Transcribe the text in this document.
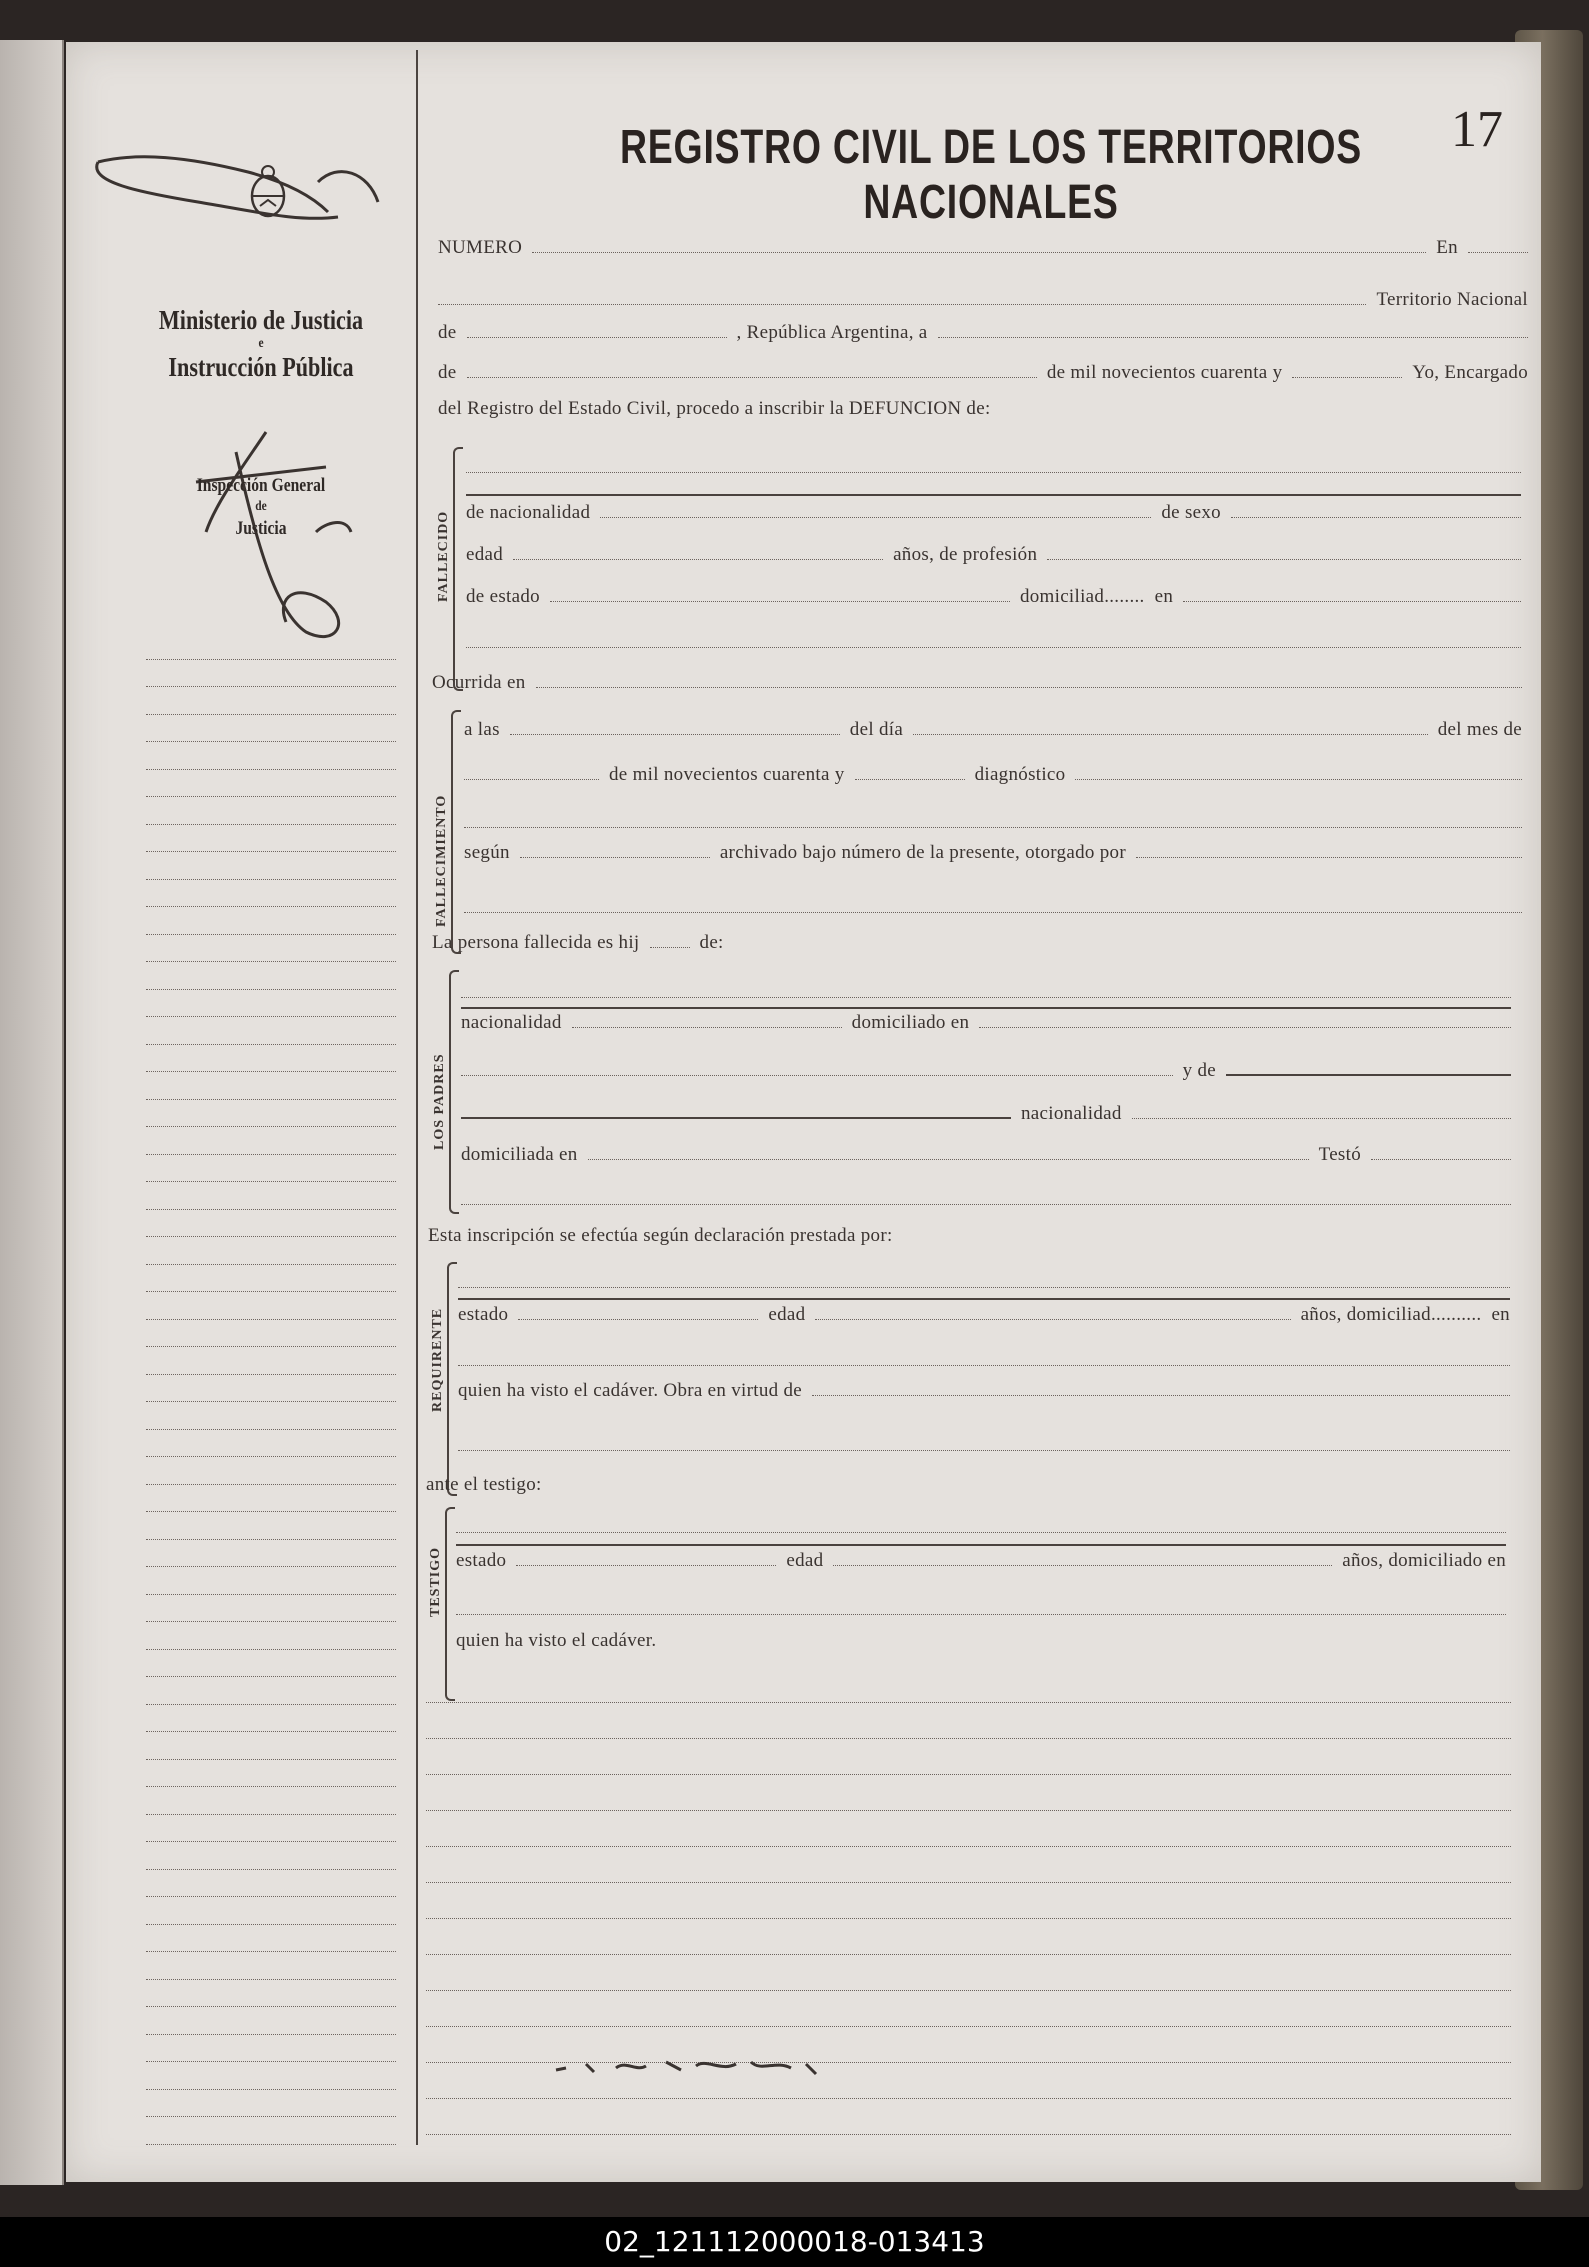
Ministerio de Justicia

e
Instrucción Pública
Inspección General
de
Justicia
REGISTRO CIVIL DE LOS TERRITORIOS NACIONALES
17
NUMERO	En
Territorio Nacional
de	, República Argentina, a
de	de mil novecientos cuarenta y	Yo, Encargado
del Registro del Estado Civil, procedo a inscribir la DEFUNCION de:
FALLECIDO de nacionalidad	de sexo
edad	años, de profesión
de estado	domiciliad........ en
Ocurrida en
FALLECIMIENTO
a las	del día	del mes de
de mil novecientos cuarenta y	diagnóstico
según	archivado bajo número de la presente, otorgado por
La persona fallecida es hij	de:
LOS PADRES
nacionalidad	domiciliado en
y de
nacionalidad
domiciliada en	Testó
Esta inscripción se efectúa según declaración prestada por:
REQUIRENTE estado	edad	años, domiciliad.......... en
quien ha visto el cadáver. Obra en virtud de
ante el testigo:
TESTIGO estado	edad	años, domiciliado en
quien ha visto el cadáver.
02_121112000018-013413
